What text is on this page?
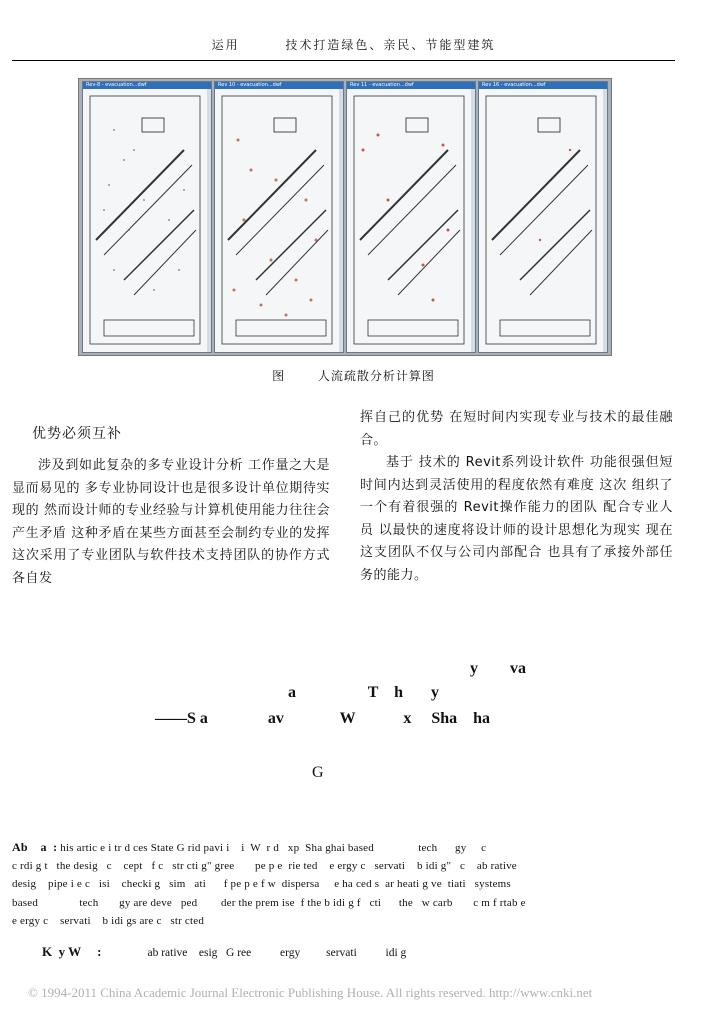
运用	技术打造绿色、亲民、节能型建筑
Rev-8 - evacuation...dwf	Rev 10 - evacuation...dwf	Rev 11 - evacuation...dwf	Rev 16 - evacuation...dwf
图	人流疏散分析计算图
优势必须互补

涉及到如此复杂的多专业设计分析 工作量之大是显而易见的 多专业协同设计也是很多设计单位期待实现的 然而设计师的专业经验与计算机使用能力往往会产生矛盾 这种矛盾在某些方面甚至会制约专业的发挥 这次采用了专业团队与软件技术支持团队的协作方式 各自发

挥自己的优势 在短时间内实现专业与技术的最佳融合。

基于 技术的 Revit系列设计软件 功能很强但短时间内达到灵活使用的程度依然有难度 这次 组织了一个有着很强的 Revit操作能力的团队 配合专业人员 以最快的速度将设计师的设计思想化为现实 现在这支团队不仅与公司内部配合 也具有了承接外部任务的能力。

y        va
a                  T    h       y
——S a               av              W            x     Sha    ha
G
Ab    a  : his artic e i tr d ces State G rid pavi i    i  W  r d   xp  Sha ghai based               tech      gy     c
c rdi g t   the desig   c    cept   f c   str cti g" gree       pe p e  rie ted    e ergy c   servati    b idi g"   c    ab rative
desig    pipe i e c   isi    checki g   sim   ati      f pe p e f w  dispersa     e ha ced s  ar heati g ve  tiati   systems
based              tech       gy are deve   ped        der the prem ise  f the b idi g f   cti      the   w carb       c m f rtab e
e ergy c    servati    b idi gs are c   str cted
K  y W     :                ab rative    esig   G ree          ergy         servati          idi g
© 1994-2011 China Academic Journal Electronic Publishing House. All rights reserved. http://www.cnki.net
